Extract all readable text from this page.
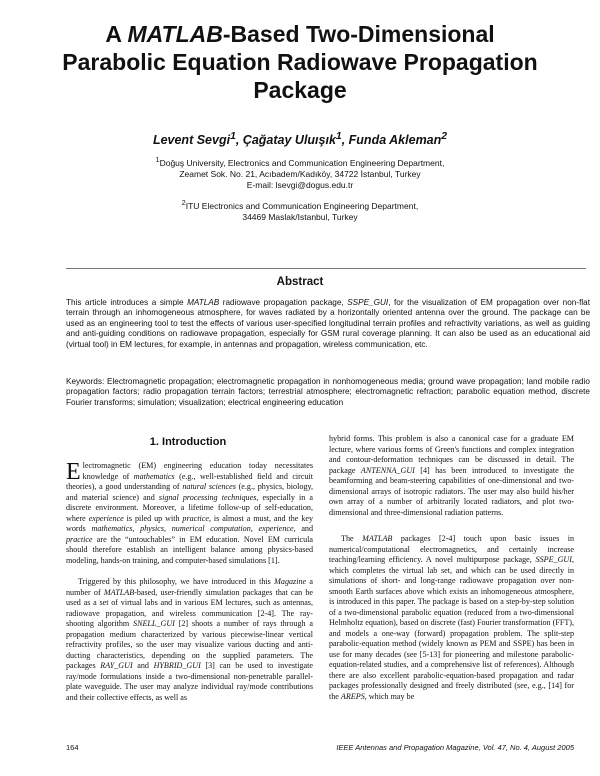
A MATLAB-Based Two-Dimensional
Parabolic Equation Radiowave Propagation
Package
Levent Sevgi$^1$, Çağatay Uluışık$^1$, Funda Akleman$^2$
$^1$Doğuş University, Electronics and Communication Engineering Department,
Zeamet Sok. No. 21, Acıbadem/Kadıköy, 34722 İstanbul, Turkey
E-mail: lsevgi@dogus.edu.tr
$^2$ITU Electronics and Communication Engineering Department,
34469 Maslak/Istanbul, Turkey
Abstract
This article introduces a simple MATLAB radiowave propagation package, SSPE_GUI, for the visualization of EM propagation over non-flat terrain through an inhomogeneous atmosphere, for waves radiated by a horizontally oriented antenna over the ground. The package can be used as an engineering tool to test the effects of various user-specified longitudinal terrain profiles and refractivity variations, as well as guiding and anti-guiding conditions on radiowave propagation, especially for GSM rural coverage planning. It can also be used as an educational aid (virtual tool) in EM lectures, for example, in antennas and propagation, wireless communication, etc.
Keywords: Electromagnetic propagation; electromagnetic propagation in nonhomogeneous media; ground wave propagation; land mobile radio propagation factors; radio propagation terrain factors; terrestrial atmosphere; electromagnetic refraction; parabolic equation method, discrete Fourier transforms; simulation; visualization; electrical engineering education
1. Introduction

Electromagnetic (EM) engineering education today necessitates knowledge of mathematics (e.g., well-established field and circuit theories), a good understanding of natural sciences (e.g., physics, biology, and material science) and signal processing techniques, especially in a discrete environment. Moreover, a lifetime follow-up of self-education, where experience is piled up with practice, is almost a must, and the key words mathematics, physics, numerical computation, experience, and practice are the “untouchables” in EM education. Novel EM curricula should therefore establish an intelligent balance among physics-based modeling, hands-on training, and computer-based simulations [1].

Triggered by this philosophy, we have introduced in this Magazine a number of MATLAB-based, user-friendly simulation packages that can be used as a set of virtual labs and in various EM lectures, such as antennas, radiowave propagation, and wireless communication [2-4]. The ray-shooting algorithm SNELL_GUI [2] shoots a number of rays through a propagation medium characterized by various piecewise-linear vertical refractivity profiles, so the user may visualize various ducting and anti-ducting characteristics, depending on the supplied parameters. The packages RAY_GUI and HYBRID_GUI [3] can be used to investigate ray/mode formulations inside a two-dimensional non-penetrable parallel-plate waveguide. The user may analyze individual ray/mode contributions and their collective effects, as well as

hybrid forms. This problem is also a canonical case for a graduate EM lecture, where various forms of Green's functions and complex integration and contour-deformation techniques can be discussed in detail. The package ANTENNA_GUI [4] has been introduced to investigate the beamforming and beam-steering capabilities of one-dimensional and two-dimensional arrays of isotropic radiators. The user may also build his/her own array of a number of arbitrarily located radiators, and plot two-dimensional and three-dimensional radiation patterns.

The MATLAB packages [2-4] touch upon basic issues in numerical/computational electromagnetics, and certainly increase teaching/learning efficiency. A novel multipurpose package, SSPE_GUI, which completes the virtual lab set, and which can be used directly in simulations of short- and long-range radiowave propagation over non-smooth Earth surfaces above which exists an inhomogeneous atmosphere, is introduced in this paper. The package is based on a step-by-step solution of a two-dimensional parabolic equation (reduced from a two-dimensional Helmholtz equation), based on discrete (fast) Fourier transformation (FFT), and models a one-way (forward) propagation problem. The split-step parabolic-equation method (widely known as PEM and SSPE) has been in use for many decades (see [5-13] for pioneering and milestone parabolic-equation-related studies, and a comprehensive list of references). Although there are also excellent parabolic-equation-based propagation and radar packages professionally designed and freely distributed (see, e.g., [14] for the AREPS, which may be

164	IEEE Antennas and Propagation Magazine, Vol. 47, No. 4, August 2005
